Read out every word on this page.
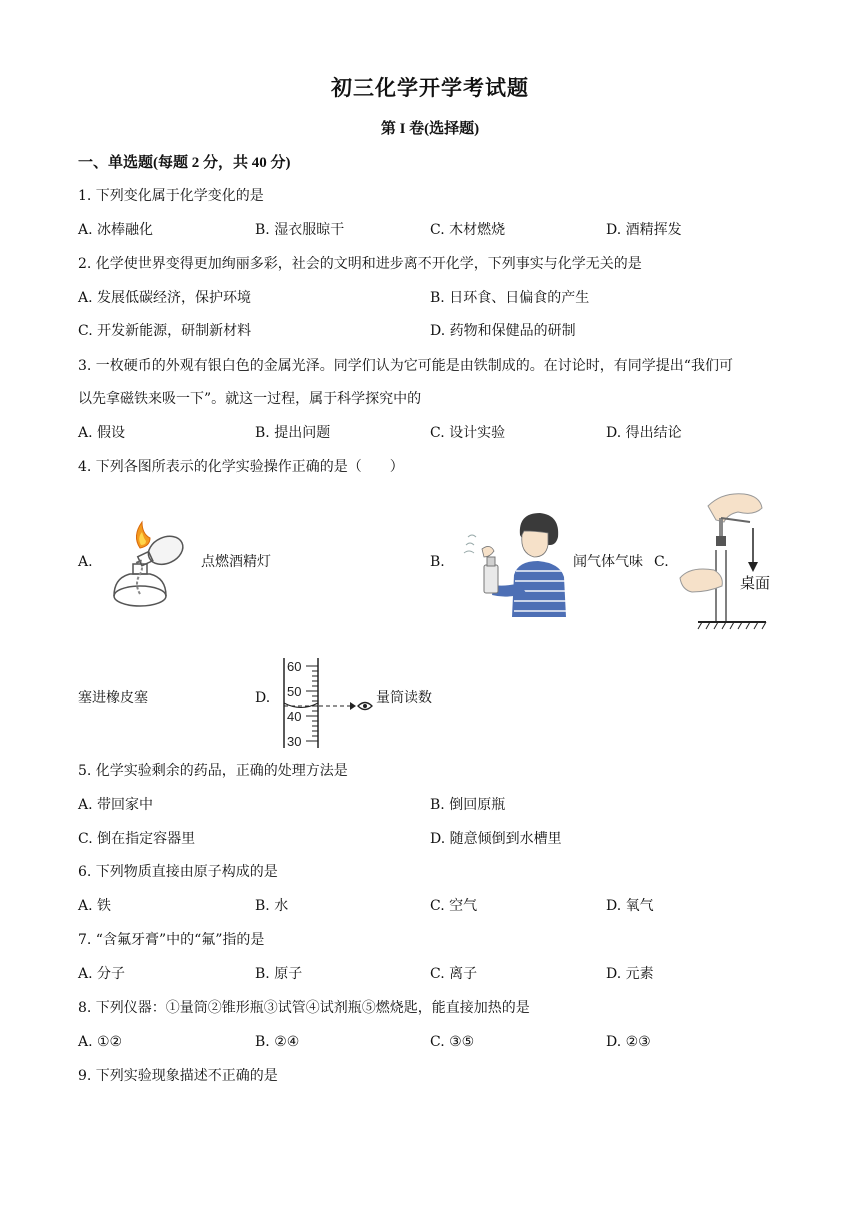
初三化学开学考试题
第 I 卷(选择题)
一、单选题(每题 2 分，共 40 分)
1. 下列变化属于化学变化的是
A. 冰棒融化	B. 湿衣服晾干	C. 木材燃烧	D. 酒精挥发
2. 化学使世界变得更加绚丽多彩，社会的文明和进步离不开化学，下列事实与化学无关的是
A. 发展低碳经济，保护环境	B. 日环食、日偏食的产生
C. 开发新能源，研制新材料	D. 药物和保健品的研制
3. 一枚硬币的外观有银白色的金属光泽。同学们认为它可能是由铁制成的。在讨论时，有同学提出“我们可
以先拿磁铁来吸一下”。就这一过程，属于科学探究中的
A. 假设	B. 提出问题	C. 设计实验	D. 得出结论
4. 下列各图所表示的化学实验操作正确的是（　　）
A.	点燃酒精灯	B.	闻气体气味 C.
桌面
塞进橡皮塞	D.
60
50
40
30
量筒读数
5. 化学实验剩余的药品，正确的处理方法是
A. 带回家中	B. 倒回原瓶
C. 倒在指定容器里	D. 随意倾倒到水槽里
6. 下列物质直接由原子构成的是
A. 铁	B. 水	C. 空气	D. 氧气
7. “含氟牙膏”中的“氟”指的是
A. 分子	B. 原子	C. 离子	D. 元素
8. 下列仪器：①量筒②锥形瓶③试管④试剂瓶⑤燃烧匙，能直接加热的是
A. ①②	B. ②④	C. ③⑤	D. ②③
9. 下列实验现象描述不正确的是
